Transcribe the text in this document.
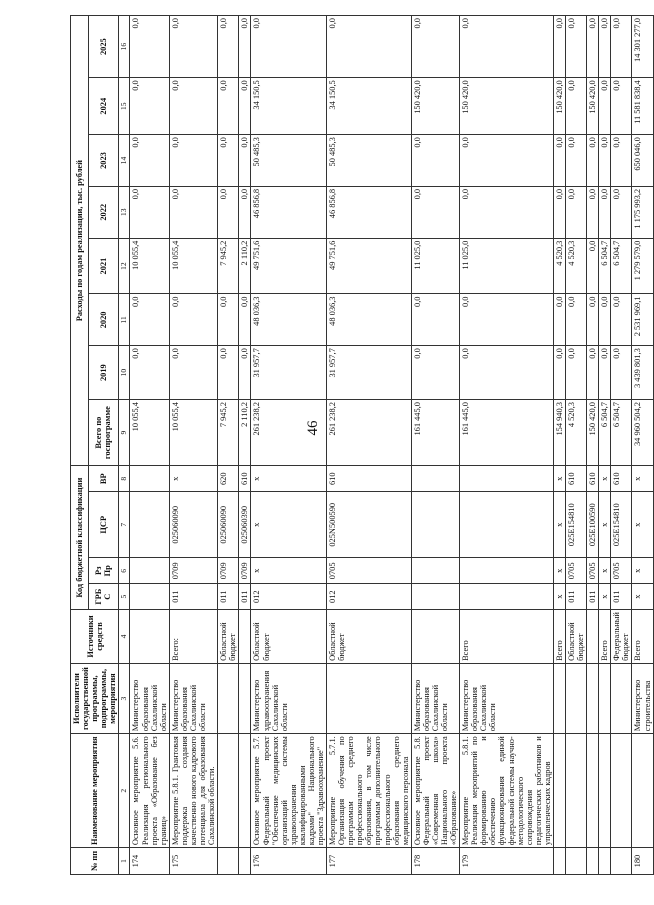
46
№ пп	Наименование мероприятия	Исполнители государственной программы, подпрограммы, мероприятия	Источники средств	Код бюджетной классификации				Расходы по годам реализации, тыс. рублей							
				ГРБС	Рз Пр	ЦСР	ВР	Всего по госпрограмме	2019	2020	2021	2022	2023	2024	2025
1	2	3	4	5	6	7	8	9	10	11	12	13	14	15	16
174	Основное мероприятие 5.6. Реализация регионального проекта «Образование без границ»	Министерство образования Сахалинской области						10 055,4	0,0	0,0	10 055,4	0,0	0,0	0,0	0,0
175	Мероприятие 5.8.1. Грантовая поддержка создания качественно нового кадрового потенциала для образования Сахалинской области.	Министерство образования Сахалинской области	Всего:	011	0709	025060090	х	10 055,4	0,0	0,0	10 055,4	0,0	0,0	0,0	0,0
			Областной бюджет	011	0709	025060090	620	7 945,2	0,0	0,0	7 945,2	0,0	0,0	0,0	0,0
				011	0709	025060390	610	2 110,2	0,0	0,0	2 110,2	0,0	0,0	0,0	0,0
176	Основное мероприятие 5.7. Федеральный проект "Обеспечение медицинских организаций системы здравоохранения квалифицированными кадрами" Национального проекта "Здравоохранение"	Министерство здравоохранения Сахалинской области	Областной бюджет	012	х	х	х	261 238,2	31 957,7	48 036,3	49 751,6	46 856,8	50 485,3	34 150,5	0,0
177	Мероприятие 5.7.1. Организация обучения по программам среднего профессионального образования, в том числе программам дополнительного профессионального образования среднего медицинского персонала		Областной бюджет	012	0705	025N500590	610	261 238,2	31 957,7	48 036,3	49 751,6	46 856,8	50 485,3	34 150,5	0,0
178	Основное мероприятие 5.8. Федеральный проект «Современная школа» Национального проекта «Образование»	Министерство образования Сахалинской области						161 445,0	0,0	0,0	11 025,0	0,0	0,0	150 420,0	0,0
179	Мероприятие 5.8.1. Реализация мероприятий по формированию и обеспечению функционирования единой федеральной системы научно-методологического сопровождения педагогических работников и управленческих кадров	Министерство образования Сахалинской области	Всего					161 445,0	0,0	0,0	11 025,0	0,0	0,0	150 420,0	0,0
			Всего	х	х	х	х	154 940,3	0,0	0,0	4 520,3	0,0	0,0	150 420,0	0,0
			Областной бюджет	011	0705	025E154810	610	4 520,3	0,0	0,0	4 520,3	0,0	0,0	0,0	0,0
				011	0705	025E100590	610	150 420,0	0,0	0,0	0,0	0,0	0,0	150 420,0	0,0
			Всего	х	х	х	х	6 504,7	0,0	0,0	6 504,7	0,0	0,0	0,0	0,0
			Федеральный бюджет	011	0705	025E154810	610	6 504,7	0,0	0,0	6 504,7	0,0	0,0	0,0	0,0
180		Министерство строительства	Всего	х	х	х	х	34 960 504,2	3 439 801,3	2 531 969,1	1 279 579,0	1 175 993,2	650 046,0	11 581 838,4	14 301 277,0
